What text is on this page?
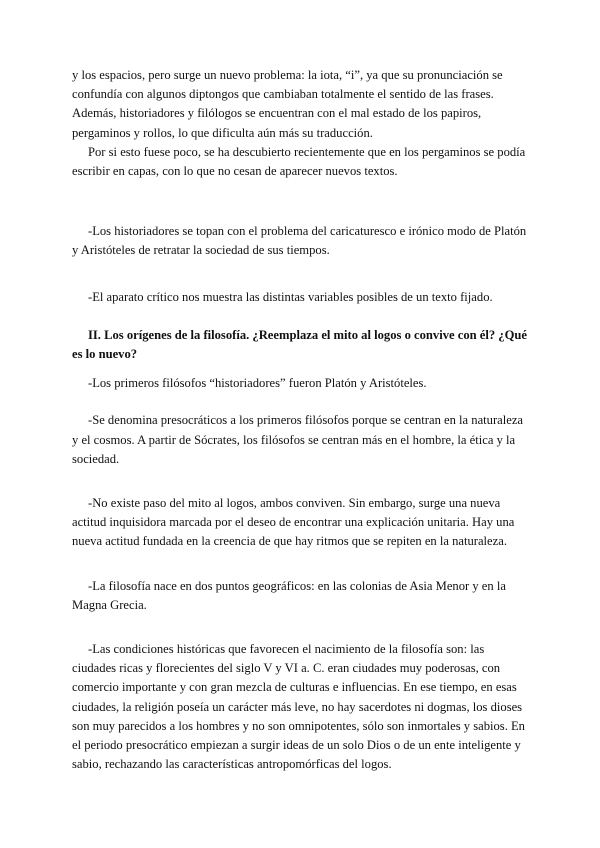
y los espacios, pero surge un nuevo problema: la iota, “i”, ya que su pronunciación se confundía con algunos diptongos que cambiaban totalmente el sentido de las frases. Además, historiadores y filólogos se encuentran con el mal estado de los papiros, pergaminos y rollos, lo que dificulta aún más su traducción.

Por si esto fuese poco, se ha descubierto recientemente que en los pergaminos se podía escribir en capas, con lo que no cesan de aparecer nuevos textos.

-Los historiadores se topan con el problema del caricaturesco e irónico modo de Platón y Aristóteles de retratar la sociedad de sus tiempos.

-El aparato crítico nos muestra las distintas variables posibles de un texto fijado.

II. Los orígenes de la filosofía. ¿Reemplaza el mito al logos o convive con él? ¿Qué es lo nuevo?

-Los primeros filósofos “historiadores” fueron Platón y Aristóteles.

-Se denomina presocráticos a los primeros filósofos porque se centran en la naturaleza y el cosmos. A partir de Sócrates, los filósofos se centran más en el hombre, la ética y la sociedad.

-No existe paso del mito al logos, ambos conviven. Sin embargo, surge una nueva actitud inquisidora marcada por el deseo de encontrar una explicación unitaria. Hay una nueva actitud fundada en la creencia de que hay ritmos que se repiten en la naturaleza.

-La filosofía nace en dos puntos geográficos: en las colonias de Asia Menor y en la Magna Grecia.

-Las condiciones históricas que favorecen el nacimiento de la filosofía son: las ciudades ricas y florecientes del siglo V y VI a. C. eran ciudades muy poderosas, con comercio importante y con gran mezcla de culturas e influencias. En ese tiempo, en esas ciudades, la religión poseía un carácter más leve, no hay sacerdotes ni dogmas, los dioses son muy parecidos a los hombres y no son omnipotentes, sólo son inmortales y sabios. En el periodo presocrático empiezan a surgir ideas de un solo Dios o de un ente inteligente y sabio, rechazando las características antropomórficas del logos.
